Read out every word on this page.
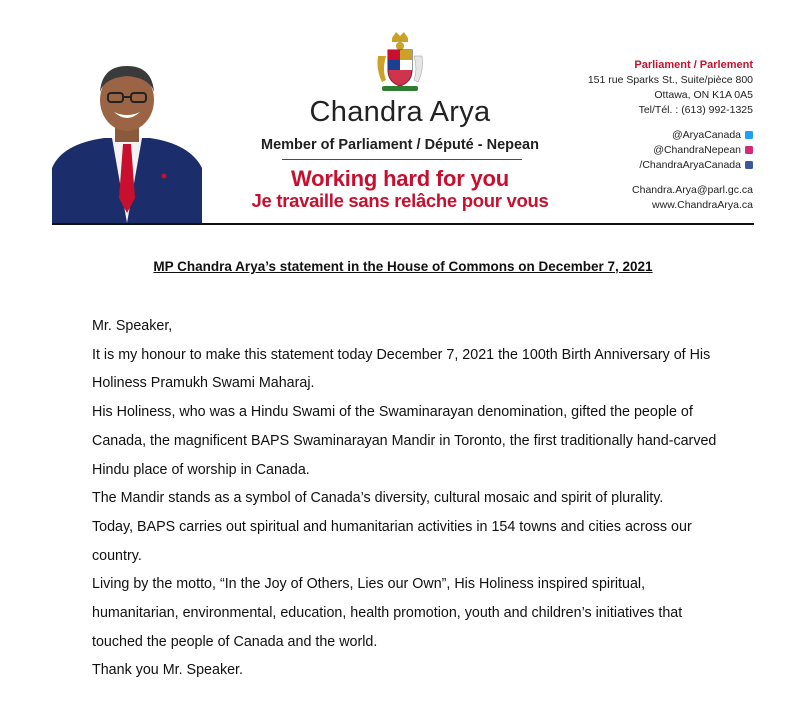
Chandra Arya
Member of Parliament / Député - Nepean
Working hard for you
Je travaille sans relâche pour vous
Parliament / Parlement
151 rue Sparks St., Suite/pièce 800
Ottawa, ON K1A 0A5
Tel/Tél. : (613) 992-1325
@AryaCanada
@ChandraNepean
/ChandraAryaCanada
Chandra.Arya@parl.gc.ca
www.ChandraArya.ca
MP Chandra Arya’s statement in the House of Commons on December 7, 2021

Mr. Speaker,

It is my honour to make this statement today December 7, 2021 the 100th Birth Anniversary of His Holiness Pramukh Swami Maharaj.

His Holiness, who was a Hindu Swami of the Swaminarayan denomination, gifted the people of Canada, the magnificent BAPS Swaminarayan Mandir in Toronto, the first traditionally hand-carved Hindu place of worship in Canada.

The Mandir stands as a symbol of Canada’s diversity, cultural mosaic and spirit of plurality.

Today, BAPS carries out spiritual and humanitarian activities in 154 towns and cities across our country.

Living by the motto, “In the Joy of Others, Lies our Own”, His Holiness inspired spiritual, humanitarian, environmental, education, health promotion, youth and children’s initiatives that touched the people of Canada and the world.

Thank you Mr. Speaker.
